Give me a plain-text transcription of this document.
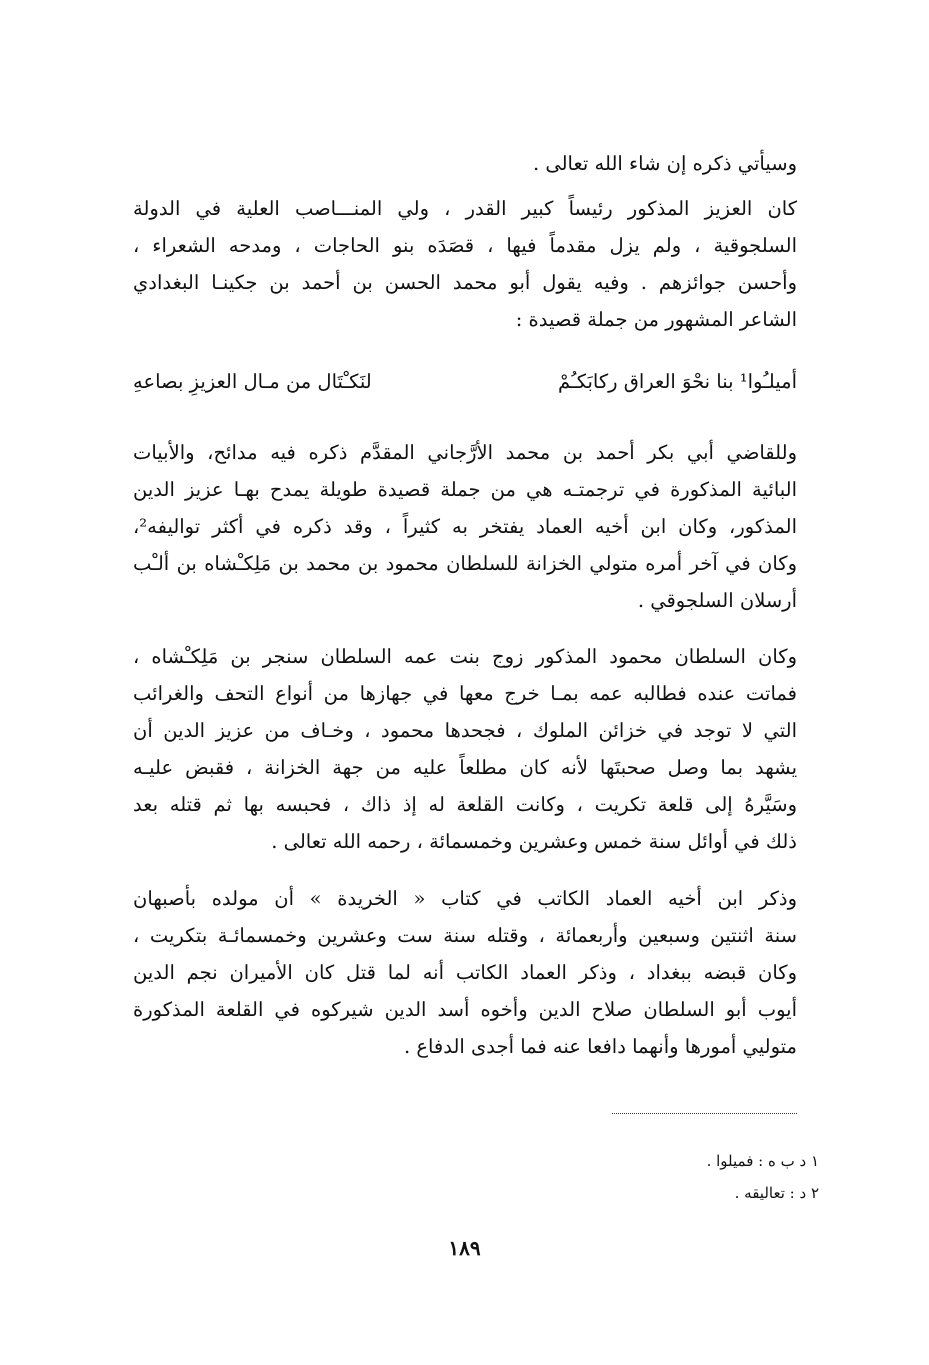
وسيأتي ذكره إن شاء الله تعالى .
كان العزيز المذكور رئيساً كبير القدر ، ولي المنـــاصب العلية في الدولة
السلجوقية ، ولم يزل مقدماً فيها ، قصَدَه بنو الحاجات ، ومدحه الشعراء ،
وأحسن جوائزهم . وفيه يقول أبو محمد الحسن بن أحمد بن جكينـا البغدادي
الشاعر المشهور من جملة قصيدة :
أميلـُوا¹ بنا نحْوَ العراق ركابَكـُمْ
لنَكـْتَال من مـال العزيزِ بصاعهِ
وللقاضي أبي بكر أحمد بن محمد الأرَّجاني المقدَّم ذكره فيه مدائح، والأبيات
البائية المذكورة في ترجمتـه هي من جملة قصيدة طويلة يمدح بهـا عزيز الدين
المذكور، وكان ابن أخيه العماد يفتخر به كثيراً ، وقد ذكره في أكثر تواليفه²،
وكان في آخر أمره متولي الخزانة للسلطان محمود بن محمد بن مَلِكـْشاه بن ألـْب
أرسلان السلجوقي .
وكان السلطان محمود المذكور زوج بنت عمه السلطان سنجر بن مَلِكـْشاه ،
فماتت عنده فطالبه عمه بمـا خرج معها في جهازها من أنواع التحف والغرائب
التي لا توجد في خزائن الملوك ، فجحدها محمود ، وخـاف من عزيز الدين أن
يشهد بما وصل صحبتَها لأنه كان مطلعاً عليه من جهة الخزانة ، فقبض عليـه
وسَيَّرهُ إلى قلعة تكريت ، وكانت القلعة له إذ ذاك ، فحبسه بها ثم قتله بعد
ذلك في أوائل سنة خمس وعشرين وخمسمائة ، رحمه الله تعالى .
وذكر ابن أخيه العماد الكاتب في كتاب « الخريدة » أن مولده بأصبهان
سنة اثنتين وسبعين وأربعمائة ، وقتله سنة ست وعشرين وخمسمائـة بتكريت ،
وكان قبضه ببغداد ، وذكر العماد الكاتب أنه لما قتل كان الأميران نجم الدين
أيوب أبو السلطان صلاح الدين وأخوه أسد الدين شيركوه في القلعة المذكورة
متوليي أمورها وأنهما دافعا عنه فما أجدى الدفاع .
١ د ب ه : فميلوا .
٢ د : تعاليقه .
١٨٩
